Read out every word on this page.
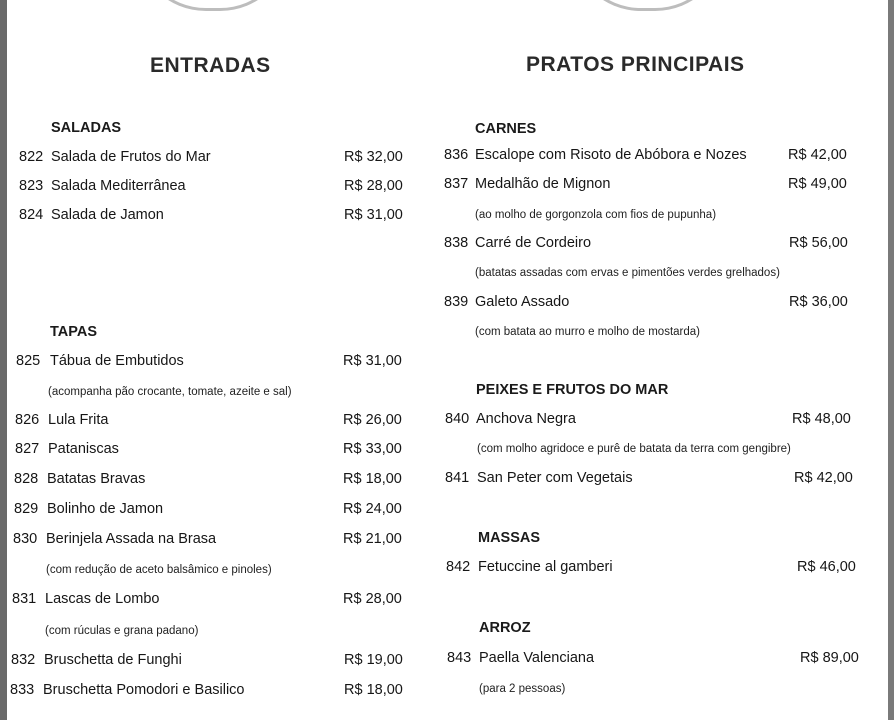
ENTRADAS
SALADAS
822 Salada de Frutos do Mar	R$ 32,00
823 Salada Mediterrânea	R$ 28,00
824 Salada de Jamon	R$ 31,00
TAPAS
825 Tábua de Embutidos	R$ 31,00
(acompanha pão crocante, tomate, azeite e sal)
826 Lula Frita	R$ 26,00
827 Pataniscas	R$ 33,00
828 Batatas Bravas	R$ 18,00
829 Bolinho de Jamon	R$ 24,00
830 Berinjela Assada na Brasa	R$ 21,00
(com redução de aceto balsâmico e pinoles)
831 Lascas de Lombo	R$ 28,00
(com rúculas e grana padano)
832 Bruschetta de Funghi	R$ 19,00
833 Bruschetta Pomodori e Basilico	R$ 18,00
PRATOS PRINCIPAIS
CARNES
836 Escalope com Risoto de Abóbora e Nozes	R$ 42,00
837 Medalhão de Mignon	R$ 49,00
(ao molho de gorgonzola com fios de pupunha)
838 Carré de Cordeiro	R$ 56,00
(batatas assadas com ervas e pimentões verdes grelhados)
839 Galeto Assado	R$ 36,00
(com batata ao murro e molho de mostarda)
PEIXES E FRUTOS DO MAR
840 Anchova Negra	R$ 48,00
(com molho agridoce e purê de batata da terra com gengibre)
841 San Peter com Vegetais	R$ 42,00
MASSAS
842 Fetuccine al gamberi	R$ 46,00
ARROZ
843 Paella Valenciana	R$ 89,00
(para 2 pessoas)
